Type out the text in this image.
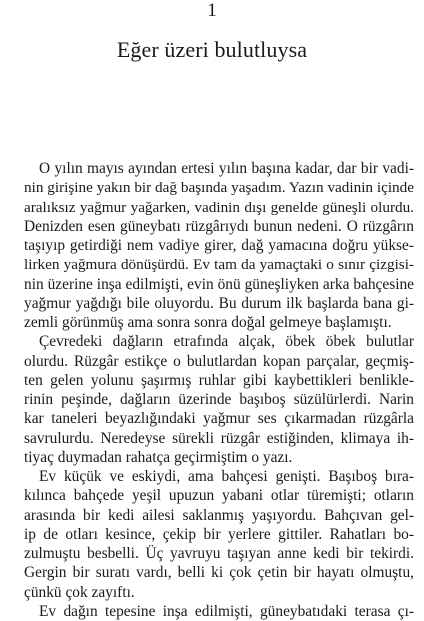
1
Eğer üzeri bulutluysa
O yılın mayıs ayından ertesi yılın başına kadar, dar bir vadi-
nin girişine yakın bir dağ başında yaşadım. Yazın vadinin içinde
aralıksız yağmur yağarken, vadinin dışı genelde güneşli olurdu.
Denizden esen güneybatı rüzgârıydı bunun nedeni. O rüzgârın
taşıyıp getirdiği nem vadiye girer, dağ yamacına doğru yükse-
lirken yağmura dönüşürdü. Ev tam da yamaçtaki o sınır çizgisi-
nin üzerine inşa edilmişti, evin önü güneşliyken arka bahçesine
yağmur yağdığı bile oluyordu. Bu durum ilk başlarda bana gi-
zemli görünmüş ama sonra sonra doğal gelmeye başlamıştı.
Çevredeki dağların etrafında alçak, öbek öbek bulutlar
olurdu. Rüzgâr estikçe o bulutlardan kopan parçalar, geçmiş-
ten gelen yolunu şaşırmış ruhlar gibi kaybettikleri benlikle-
rinin peşinde, dağların üzerinde başıboş süzülürlerdi. Narin
kar taneleri beyazlığındaki yağmur ses çıkarmadan rüzgârla
savrulurdu. Neredeyse sürekli rüzgâr estiğinden, klimaya ih-
tiyaç duymadan rahatça geçirmiştim o yazı.
Ev küçük ve eskiydi, ama bahçesi genişti. Başıboş bıra-
kılınca bahçede yeşil upuzun yabani otlar türemişti; otların
arasında bir kedi ailesi saklanmış yaşıyordu. Bahçıvan gel-
ip de otları kesince, çekip bir yerlere gittiler. Rahatları bo-
zulmuştu besbelli. Üç yavruyu taşıyan anne kedi bir tekirdi.
Gergin bir suratı vardı, belli ki çok çetin bir hayatı olmuştu,
çünkü çok zayıftı.
Ev dağın tepesine inşa edilmişti, güneybatıdaki terasa çı-
